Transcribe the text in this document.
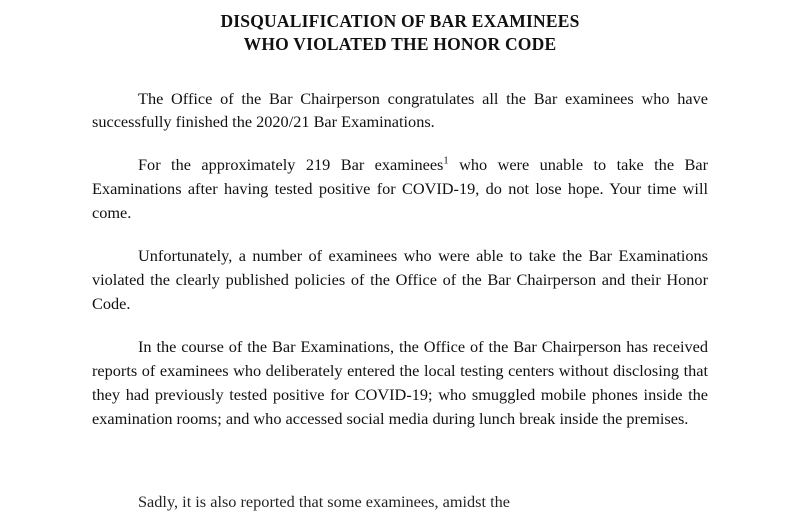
DISQUALIFICATION OF BAR EXAMINEES
WHO VIOLATED THE HONOR CODE

The Office of the Bar Chairperson congratulates all the Bar examinees who have successfully finished the 2020/21 Bar Examinations.

For the approximately 219 Bar examinees$^1$ who were unable to take the Bar Examinations after having tested positive for COVID-19, do not lose hope. Your time will come.

Unfortunately, a number of examinees who were able to take the Bar Examinations violated the clearly published policies of the Office of the Bar Chairperson and their Honor Code.

In the course of the Bar Examinations, the Office of the Bar Chairperson has received reports of examinees who deliberately entered the local testing centers without disclosing that they had previously tested positive for COVID-19; who smuggled mobile phones inside the examination rooms; and who accessed social media during lunch break inside the premises.

Sadly, it is also reported that some examinees, amidst the
